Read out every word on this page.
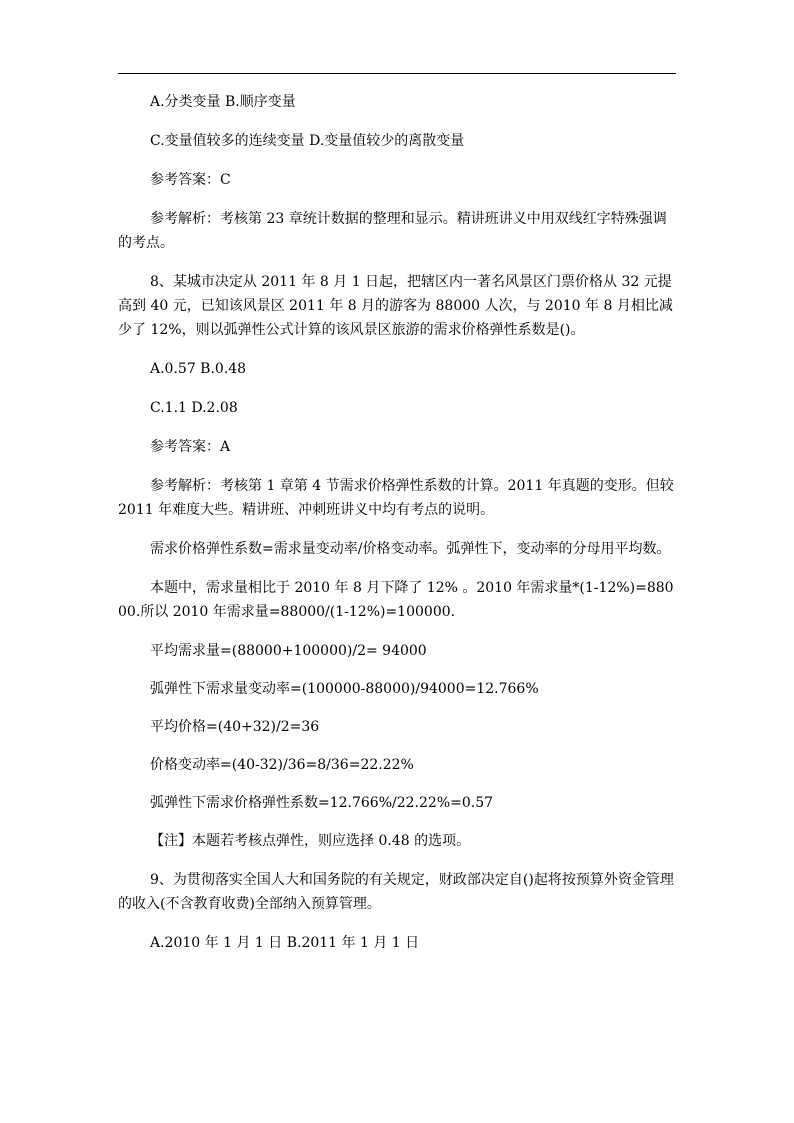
A.分类变量 B.顺序变量

C.变量值较多的连续变量 D.变量值较少的离散变量

参考答案：C

参考解析：考核第 23 章统计数据的整理和显示。精讲班讲义中用双线红字特殊强调的考点。

8、某城市决定从 2011 年 8 月 1 日起，把辖区内一著名风景区门票价格从 32 元提高到 40 元，已知该风景区 2011 年 8 月的游客为 88000 人次，与 2010 年 8 月相比减少了 12%，则以弧弹性公式计算的该风景区旅游的需求价格弹性系数是()。

A.0.57 B.0.48

C.1.1 D.2.08

参考答案：A

参考解析：考核第 1 章第 4 节需求价格弹性系数的计算。2011 年真题的变形。但较 2011 年难度大些。精讲班、冲刺班讲义中均有考点的说明。

需求价格弹性系数=需求量变动率/价格变动率。弧弹性下，变动率的分母用平均数。

本题中，需求量相比于 2010 年 8 月下降了 12% 。2010 年需求量*(1-12%)=88000.所以 2010 年需求量=88000/(1-12%)=100000.

平均需求量=(88000+100000)/2= 94000

弧弹性下需求量变动率=(100000-88000)/94000=12.766%

平均价格=(40+32)/2=36

价格变动率=(40-32)/36=8/36=22.22%

弧弹性下需求价格弹性系数=12.766%/22.22%=0.57

【注】本题若考核点弹性，则应选择 0.48 的选项。

9、为贯彻落实全国人大和国务院的有关规定，财政部决定自()起将按预算外资金管理的收入(不含教育收费)全部纳入预算管理。

A.2010 年 1 月 1 日 B.2011 年 1 月 1 日
